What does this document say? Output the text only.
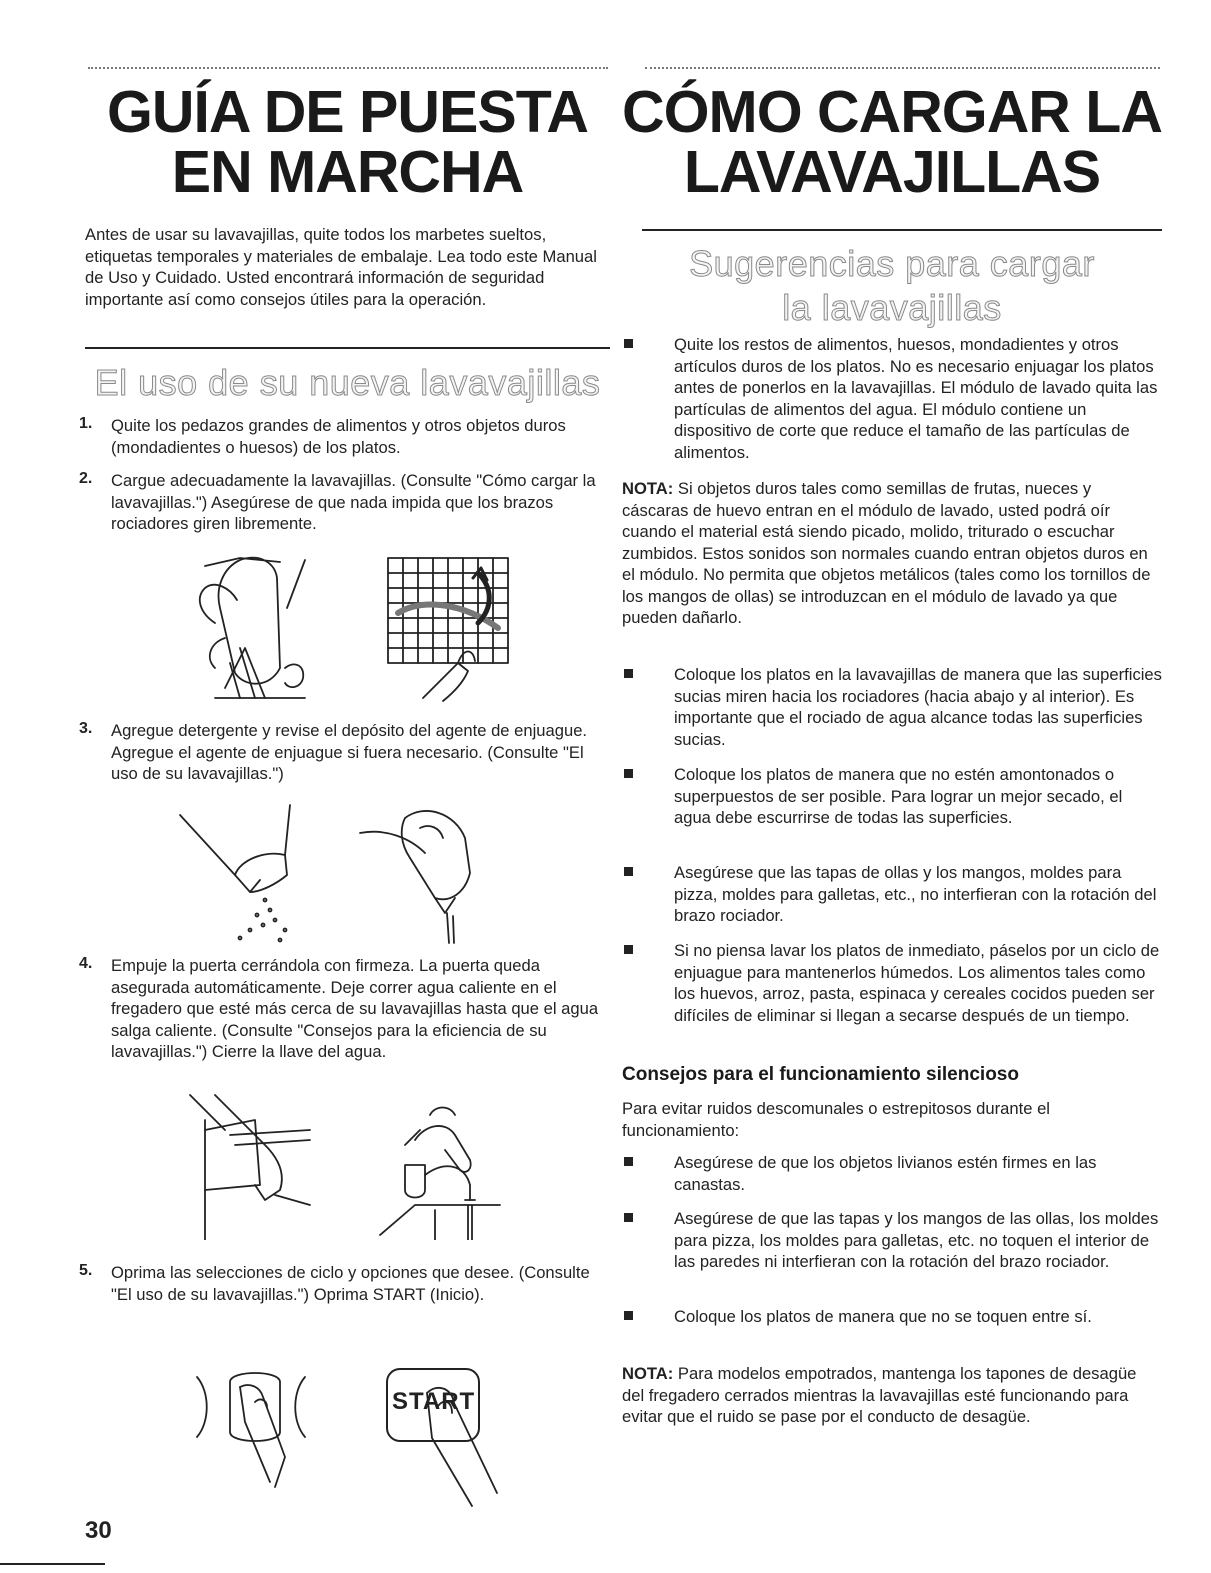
GUÍA DE PUESTA
EN MARCHA

Antes de usar su lavavajillas, quite todos los marbetes sueltos, etiquetas temporales y materiales de embalaje. Lea todo este Manual de Uso y Cuidado. Usted encontrará información de seguridad importante así como consejos útiles para la operación.

El uso de su nueva lavavajillas
1. Quite los pedazos grandes de alimentos y otros objetos duros (mondadientes o huesos) de los platos.

2. Cargue adecuadamente la lavavajillas. (Consulte "Cómo cargar la lavavajillas.") Asegúrese de que nada impida que los brazos rociadores giren libremente.

3. Agregue detergente y revise el depósito del agente de enjuague. Agregue el agente de enjuague si fuera necesario. (Consulte "El uso de su lavavajillas.")

4. Empuje la puerta cerrándola con firmeza. La puerta queda asegurada automáticamente. Deje correr agua caliente en el fregadero que esté más cerca de su lavavajillas hasta que el agua salga caliente. (Consulte "Consejos para la eficiencia de su lavavajillas.") Cierre la llave del agua.

5. Oprima las selecciones de ciclo y opciones que desee. (Consulte "El uso de su lavavajillas.") Oprima START (Inicio).

START
30
CÓMO CARGAR LA
LAVAVAJILLAS
Sugerencias para cargar
la lavavajillas

Quite los restos de alimentos, huesos, mondadientes y otros artículos duros de los platos. No es necesario enjuagar los platos antes de ponerlos en la lavavajillas. El módulo de lavado quita las partículas de alimentos del agua. El módulo contiene un dispositivo de corte que reduce el tamaño de las partículas de alimentos.

NOTA: Si objetos duros tales como semillas de frutas, nueces y cáscaras de huevo entran en el módulo de lavado, usted podrá oír cuando el material está siendo picado, molido, triturado o escuchar zumbidos. Estos sonidos son normales cuando entran objetos duros en el módulo. No permita que objetos metálicos (tales como los tornillos de los mangos de ollas) se introduzcan en el módulo de lavado ya que pueden dañarlo.

Coloque los platos en la lavavajillas de manera que las superficies sucias miren hacia los rociadores (hacia abajo y al interior). Es importante que el rociado de agua alcance todas las superficies sucias.

Coloque los platos de manera que no estén amontonados o superpuestos de ser posible. Para lograr un mejor secado, el agua debe escurrirse de todas las superficies.

Asegúrese que las tapas de ollas y los mangos, moldes para pizza, moldes para galletas, etc., no interfieran con la rotación del brazo rociador.

Si no piensa lavar los platos de inmediato, páselos por un ciclo de enjuague para mantenerlos húmedos. Los alimentos tales como los huevos, arroz, pasta, espinaca y cereales cocidos pueden ser difíciles de eliminar si llegan a secarse después de un tiempo.

Consejos para el funcionamiento silencioso

Para evitar ruidos descomunales o estrepitosos durante el funcionamiento:

Asegúrese de que los objetos livianos estén firmes en las canastas.

Asegúrese de que las tapas y los mangos de las ollas, los moldes para pizza, los moldes para galletas, etc. no toquen el interior de las paredes ni interfieran con la rotación del brazo rociador.

Coloque los platos de manera que no se toquen entre sí.

NOTA: Para modelos empotrados, mantenga los tapones de desagüe del fregadero cerrados mientras la lavavajillas esté funcionando para evitar que el ruido se pase por el conducto de desagüe.
